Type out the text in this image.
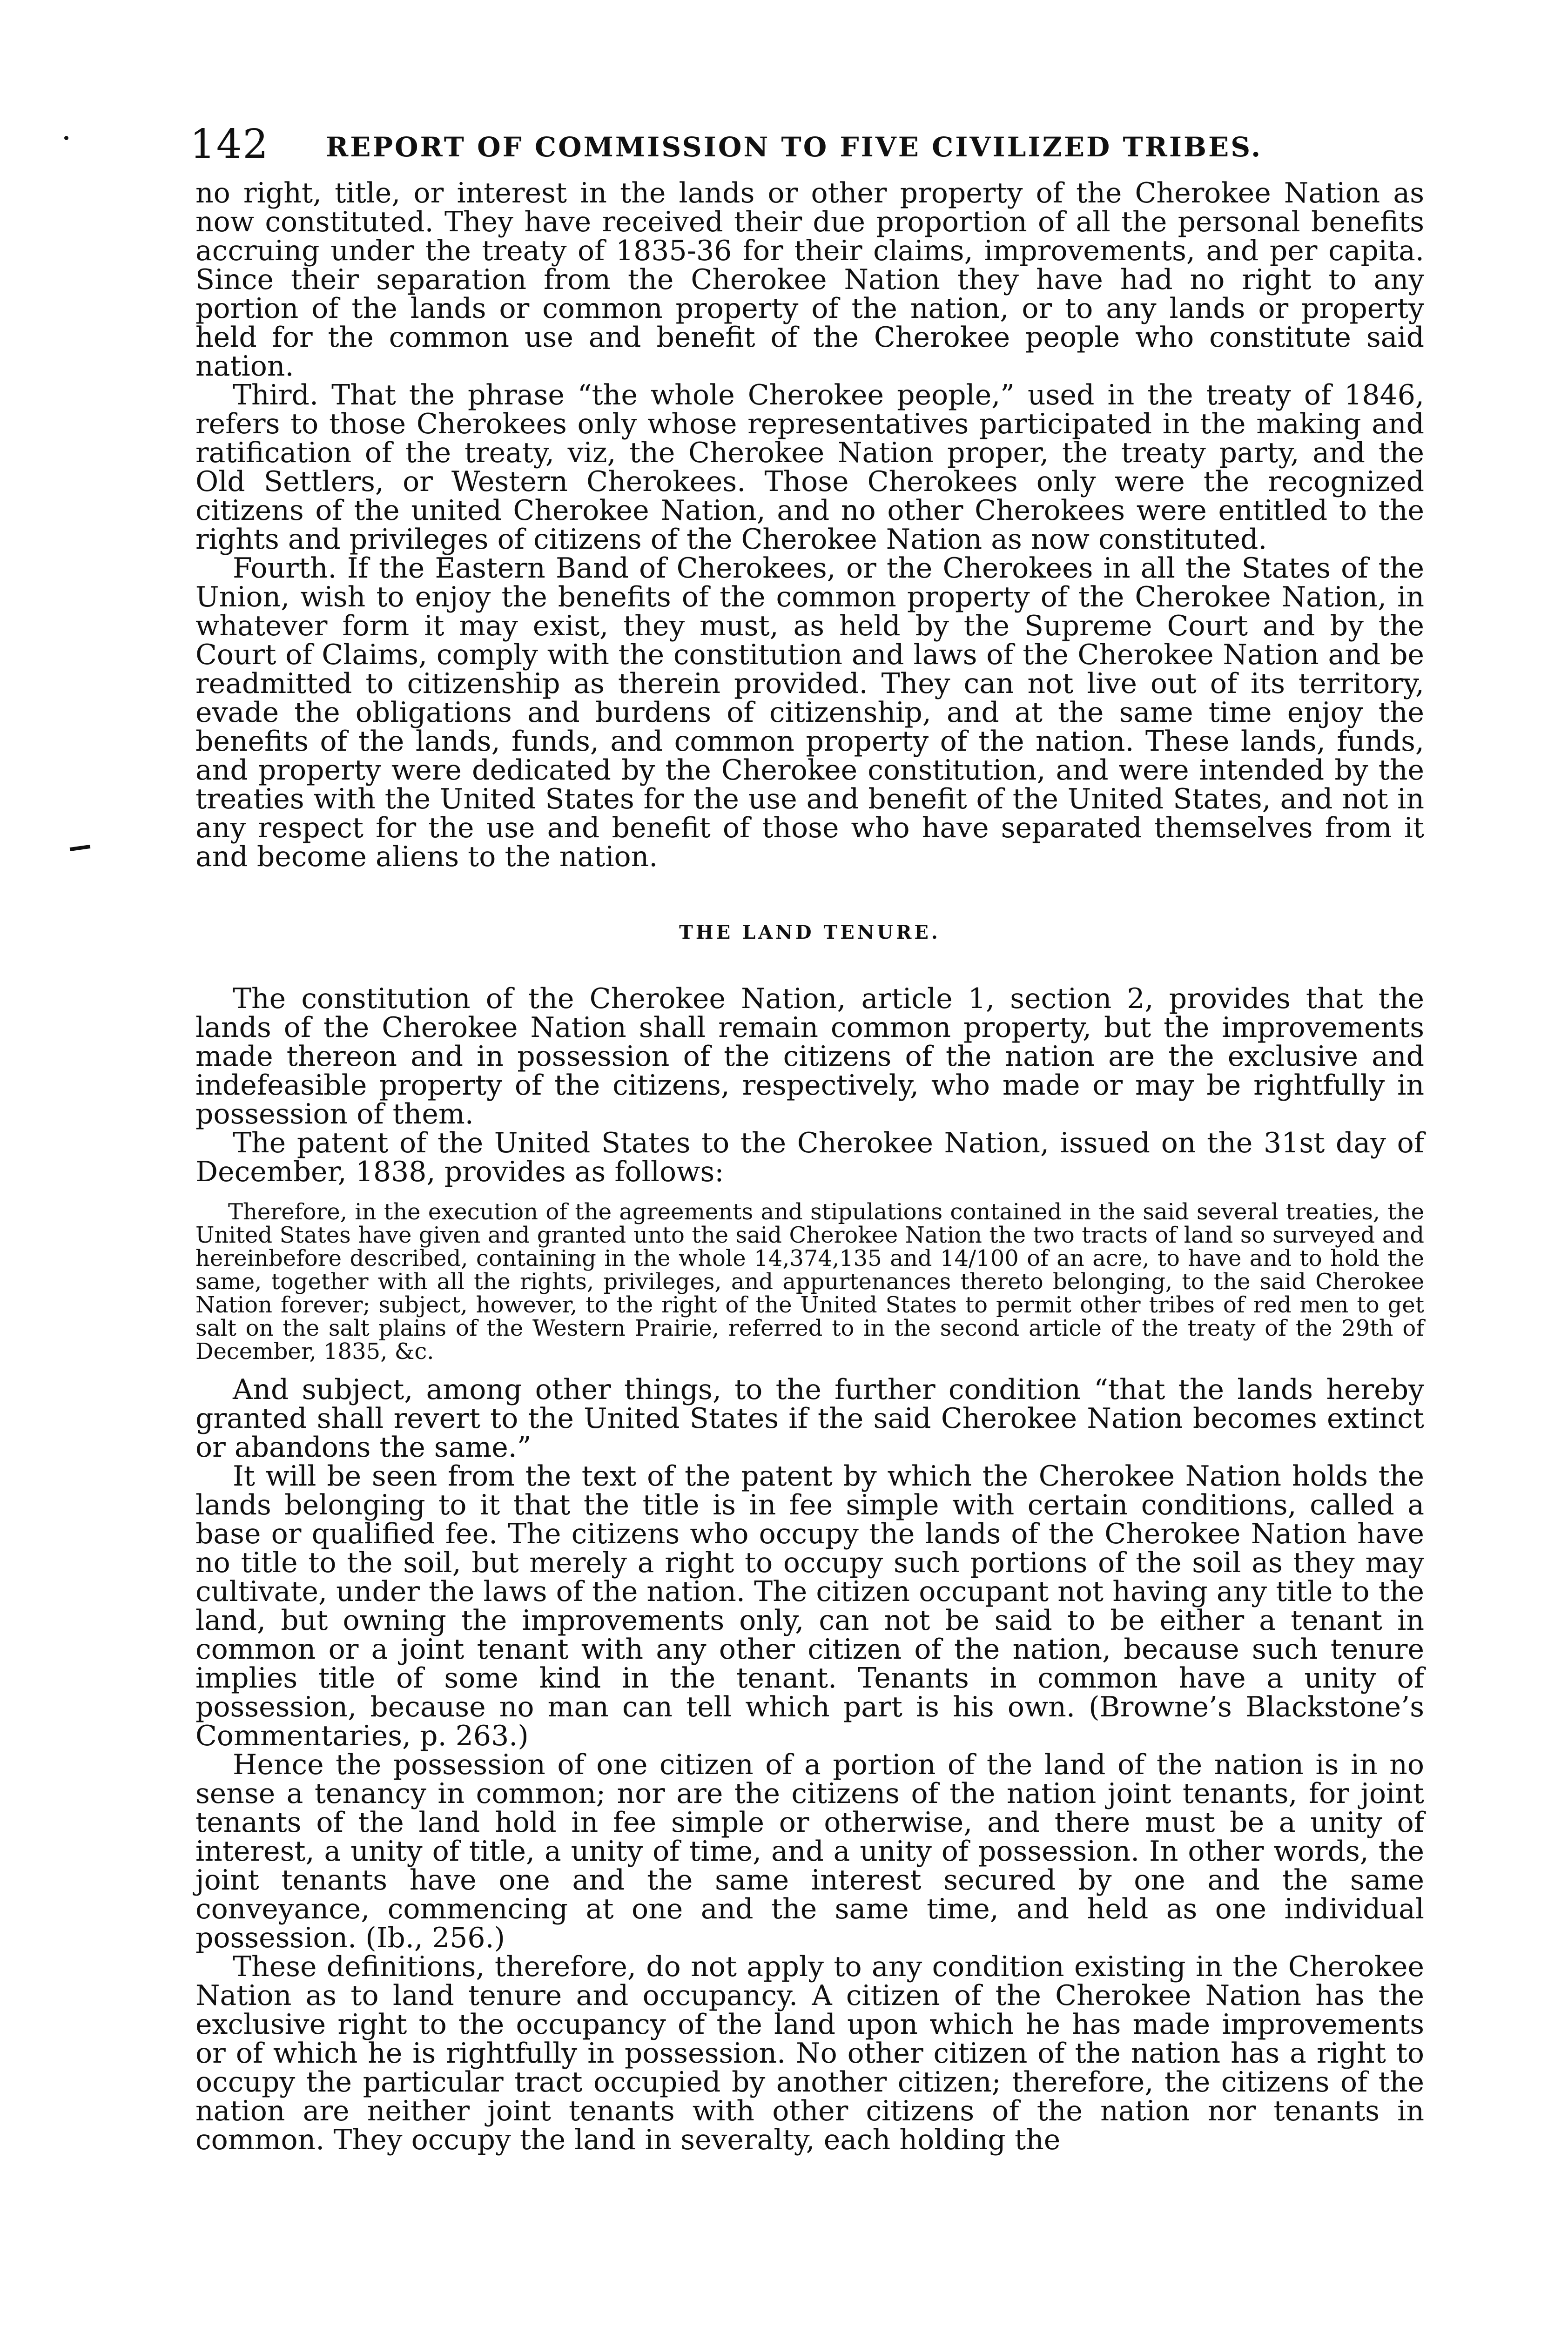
142 REPORT OF COMMISSION TO FIVE CIVILIZED TRIBES.

no right, title, or interest in the lands or other property of the Cherokee Nation as now constituted. They have received their due proportion of all the personal benefits accruing under the treaty of 1835-36 for their claims, improvements, and per capita. Since their separation from the Cherokee Nation they have had no right to any portion of the lands or common property of the nation, or to any lands or property held for the common use and benefit of the Cherokee people who constitute said nation.

Third. That the phrase “the whole Cherokee people,” used in the treaty of 1846, refers to those Cherokees only whose representatives participated in the making and ratification of the treaty, viz, the Cherokee Nation proper, the treaty party, and the Old Settlers, or Western Cherokees. Those Cherokees only were the recognized citizens of the united Cherokee Nation, and no other Cherokees were entitled to the rights and privileges of citizens of the Cherokee Nation as now constituted.

Fourth. If the Eastern Band of Cherokees, or the Cherokees in all the States of the Union, wish to enjoy the benefits of the common property of the Cherokee Nation, in whatever form it may exist, they must, as held by the Supreme Court and by the Court of Claims, comply with the constitution and laws of the Cherokee Nation and be readmitted to citizenship as therein provided. They can not live out of its territory, evade the obligations and burdens of citizenship, and at the same time enjoy the benefits of the lands, funds, and common property of the nation. These lands, funds, and property were dedicated by the Cherokee constitution, and were intended by the treaties with the United States for the use and benefit of the United States, and not in any respect for the use and benefit of those who have separated themselves from it and become aliens to the nation.

THE LAND TENURE.

The constitution of the Cherokee Nation, article 1, section 2, provides that the lands of the Cherokee Nation shall remain common property, but the improvements made thereon and in possession of the citizens of the nation are the exclusive and indefeasible property of the citizens, respectively, who made or may be rightfully in possession of them.

The patent of the United States to the Cherokee Nation, issued on the 31st day of December, 1838, provides as follows:

Therefore, in the execution of the agreements and stipulations contained in the said several treaties, the United States have given and granted unto the said Cherokee Nation the two tracts of land so surveyed and hereinbefore described, containing in the whole 14,374,135 and 14/100 of an acre, to have and to hold the same, together with all the rights, privileges, and appurtenances thereto belonging, to the said Cherokee Nation forever; subject, however, to the right of the United States to permit other tribes of red men to get salt on the salt plains of the Western Prairie, referred to in the second article of the treaty of the 29th of December, 1835, &c.

And subject, among other things, to the further condition “that the lands hereby granted shall revert to the United States if the said Cherokee Nation becomes extinct or abandons the same.”

It will be seen from the text of the patent by which the Cherokee Nation holds the lands belonging to it that the title is in fee simple with certain conditions, called a base or qualified fee. The citizens who occupy the lands of the Cherokee Nation have no title to the soil, but merely a right to occupy such portions of the soil as they may cultivate, under the laws of the nation. The citizen occupant not having any title to the land, but owning the improvements only, can not be said to be either a tenant in common or a joint tenant with any other citizen of the nation, because such tenure implies title of some kind in the tenant. Tenants in common have a unity of possession, because no man can tell which part is his own. (Browne’s Blackstone’s Commentaries, p. 263.)

Hence the possession of one citizen of a portion of the land of the nation is in no sense a tenancy in common; nor are the citizens of the nation joint tenants, for joint tenants of the land hold in fee simple or otherwise, and there must be a unity of interest, a unity of title, a unity of time, and a unity of possession. In other words, the joint tenants have one and the same interest secured by one and the same conveyance, commencing at one and the same time, and held as one individual possession. (Ib., 256.)

These definitions, therefore, do not apply to any condition existing in the Cherokee Nation as to land tenure and occupancy. A citizen of the Cherokee Nation has the exclusive right to the occupancy of the land upon which he has made improvements or of which he is rightfully in possession. No other citizen of the nation has a right to occupy the particular tract occupied by another citizen; therefore, the citizens of the nation are neither joint tenants with other citizens of the nation nor tenants in common. They occupy the land in severalty, each holding the
